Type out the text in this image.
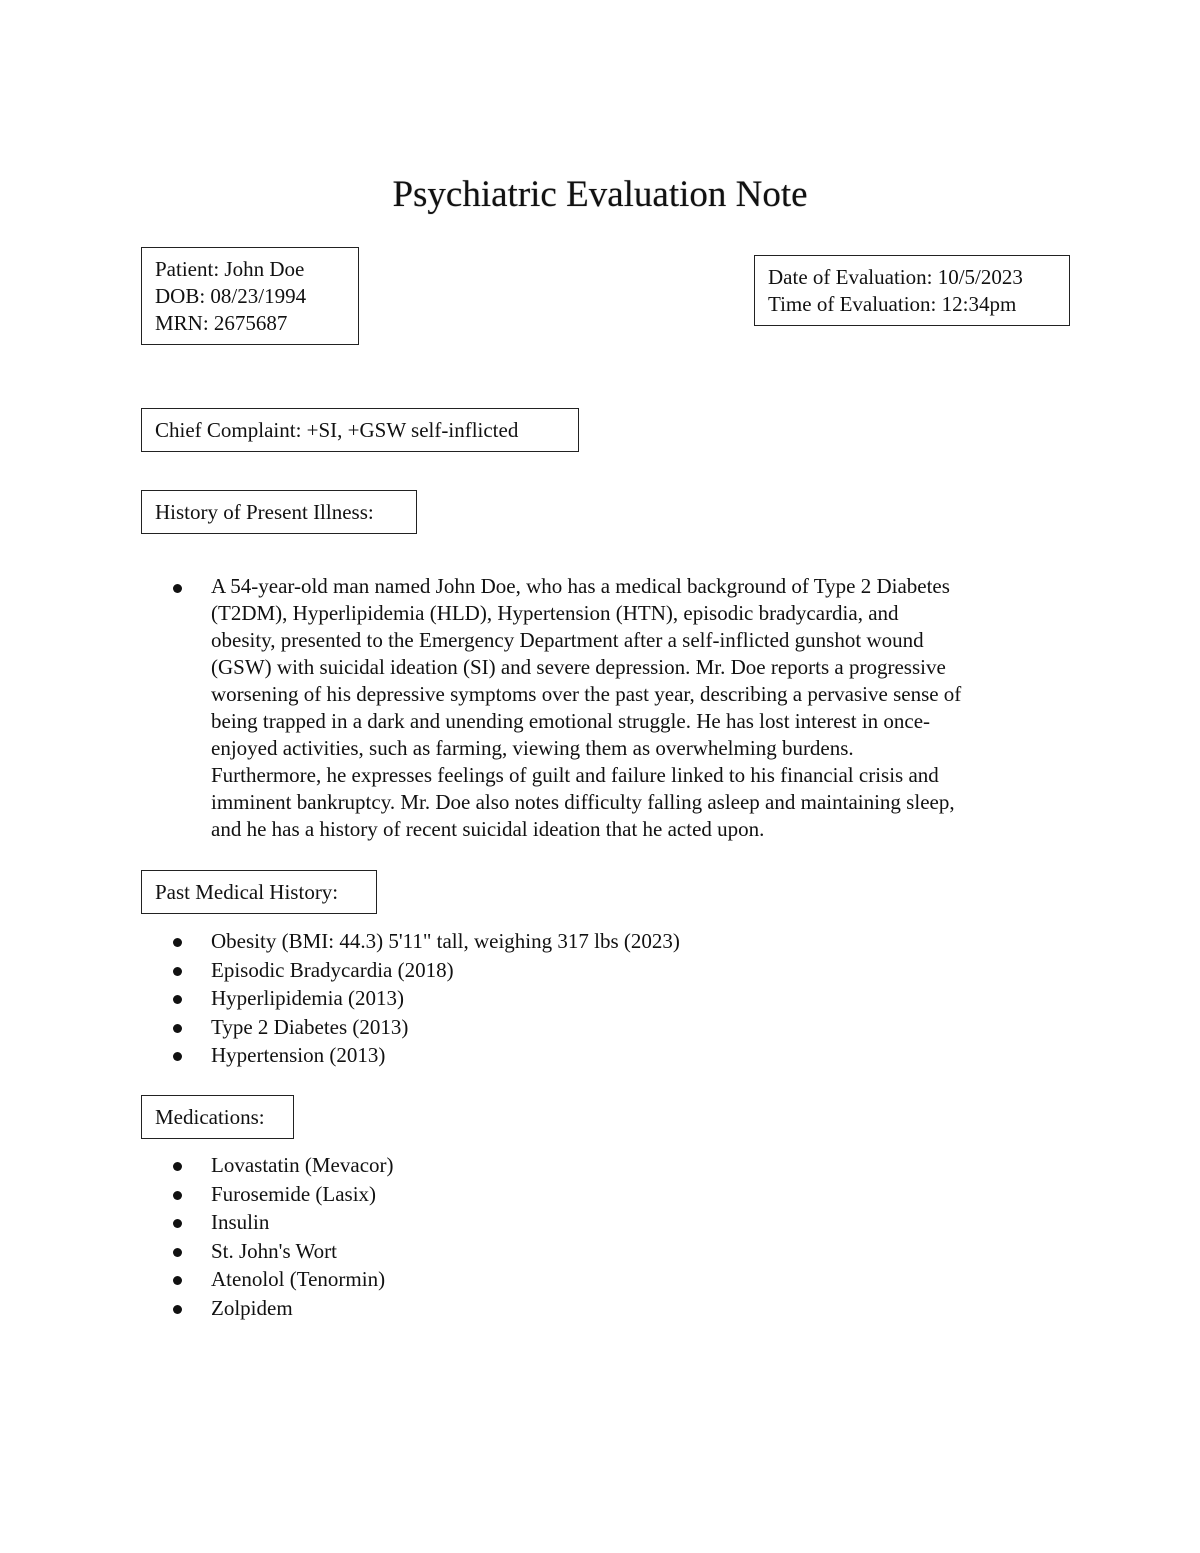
Psychiatric Evaluation Note
Patient: John Doe
DOB: 08/23/1994
MRN: 2675687
Date of Evaluation: 10/5/2023
Time of Evaluation: 12:34pm
Chief Complaint: +SI, +GSW self-inflicted
History of Present Illness:
A 54-year-old man named John Doe, who has a medical background of Type 2 Diabetes
(T2DM), Hyperlipidemia (HLD), Hypertension (HTN), episodic bradycardia, and
obesity, presented to the Emergency Department after a self-inflicted gunshot wound
(GSW) with suicidal ideation (SI) and severe depression. Mr. Doe reports a progressive
worsening of his depressive symptoms over the past year, describing a pervasive sense of
being trapped in a dark and unending emotional struggle. He has lost interest in once-
enjoyed activities, such as farming, viewing them as overwhelming burdens.
Furthermore, he expresses feelings of guilt and failure linked to his financial crisis and
imminent bankruptcy. Mr. Doe also notes difficulty falling asleep and maintaining sleep,
and he has a history of recent suicidal ideation that he acted upon.
Past Medical History:
Obesity (BMI: 44.3) 5'11" tall, weighing 317 lbs (2023)
Episodic Bradycardia (2018)
Hyperlipidemia (2013)
Type 2 Diabetes (2013)
Hypertension (2013)
Medications:
Lovastatin (Mevacor)
Furosemide (Lasix)
Insulin
St. John's Wort
Atenolol (Tenormin)
Zolpidem
